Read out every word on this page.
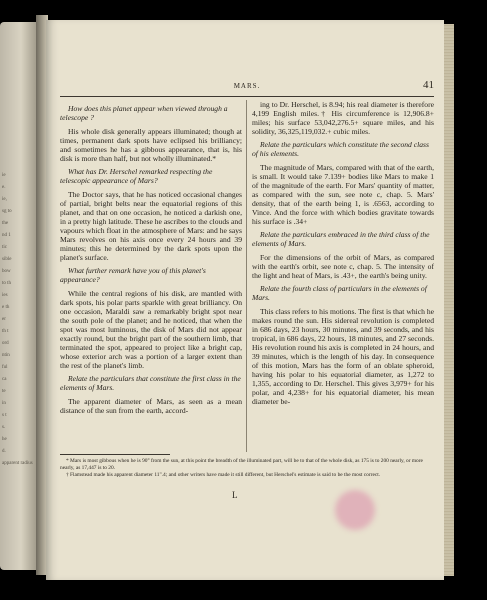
ie
e.
ie,
sg to
the
nd 1
tic
sible
bow
to th
ies
e th
er
th t
ord
ntin
ful
ca
te
in
s t
s.
he
d.
apparent radius
MARS.	41

How does this planet appear when viewed through a telescope ?

His whole disk generally appears illuminated; though at times, permanent dark spots have eclipsed his brilliancy; and sometimes he has a gibbous appearance, that is, his disk is more than half, but not wholly illuminated.*

What has Dr. Herschel remarked respecting the telescopic appearance of Mars?

The Doctor says, that he has noticed occasional changes of partial, bright belts near the equatorial regions of this planet, and that on one occasion, he noticed a darkish one, in a pretty high latitude. These he ascribes to the clouds and vapours which float in the atmosphere of Mars: and he says Mars revolves on his axis once every 24 hours and 39 minutes; this he determined by the dark spots upon the planet's surface.

What further remark have you of this planet's appearance?

While the central regions of his disk, are mantled with dark spots, his polar parts sparkle with great brilliancy. On one occasion, Maraldi saw a remarkably bright spot near the south pole of the planet; and he noticed, that when the spot was most luminous, the disk of Mars did not appear exactly round, but the bright part of the southern limb, that terminated the spot, appeared to project like a bright cap, whose exterior arch was a portion of a larger extent than the rest of the planet's limb.

Relate the particulars that constitute the first class in the elements of Mars.

The apparent diameter of Mars, as seen as a mean distance of the sun from the earth, accord-

ing to Dr. Herschel, is 8.94; his real diameter is therefore 4,199 English miles.† His circumference is 12,906.8+ miles; his surface 53,042,276.5+ square miles, and his solidity, 36,325,119,032.+ cubic miles.

Relate the particulars which constitute the second class of his elements.

The magnitude of Mars, compared with that of the earth, is small. It would take 7.139+ bodies like Mars to make 1 of the magnitude of the earth. For Mars' quantity of matter, as compared with the sun, see note c, chap. 5. Mars' density, that of the earth being 1, is .6563, according to Vince. And the force with which bodies gravitate towards his surface is .34+

Relate the particulars embraced in the third class of the elements of Mars.

For the dimensions of the orbit of Mars, as compared with the earth's orbit, see note c, chap. 5. The intensity of the light and heat of Mars, is .43+, the earth's being unity.

Relate the fourth class of particulars in the elements of Mars.

This class refers to his motions. The first is that which he makes round the sun. His sidereal revolution is completed in 686 days, 23 hours, 30 minutes, and 39 seconds, and his tropical, in 686 days, 22 hours, 18 minutes, and 27 seconds. His revolution round his axis is completed in 24 hours, and 39 minutes, which is the length of his day. In consequence of this motion, Mars has the form of an oblate spheroid, having his polar to his equatorial diameter, as 1,272 to 1,355, according to Dr. Herschel. This gives 3,979+ for his polar, and 4,238+ for his equatorial diameter, his mean diameter be-

* Mars is most gibbous when he is 90° from the sun, at this point the breadth of the illuminated part, will be to that of the whole disk, as 175 is to 200 nearly, or more nearly, as 17,447 is to 20.

† Flamstead made his apparent diameter 11".4; and other writers have made it still different, but Herschel's estimate is said to be the most correct.

L
